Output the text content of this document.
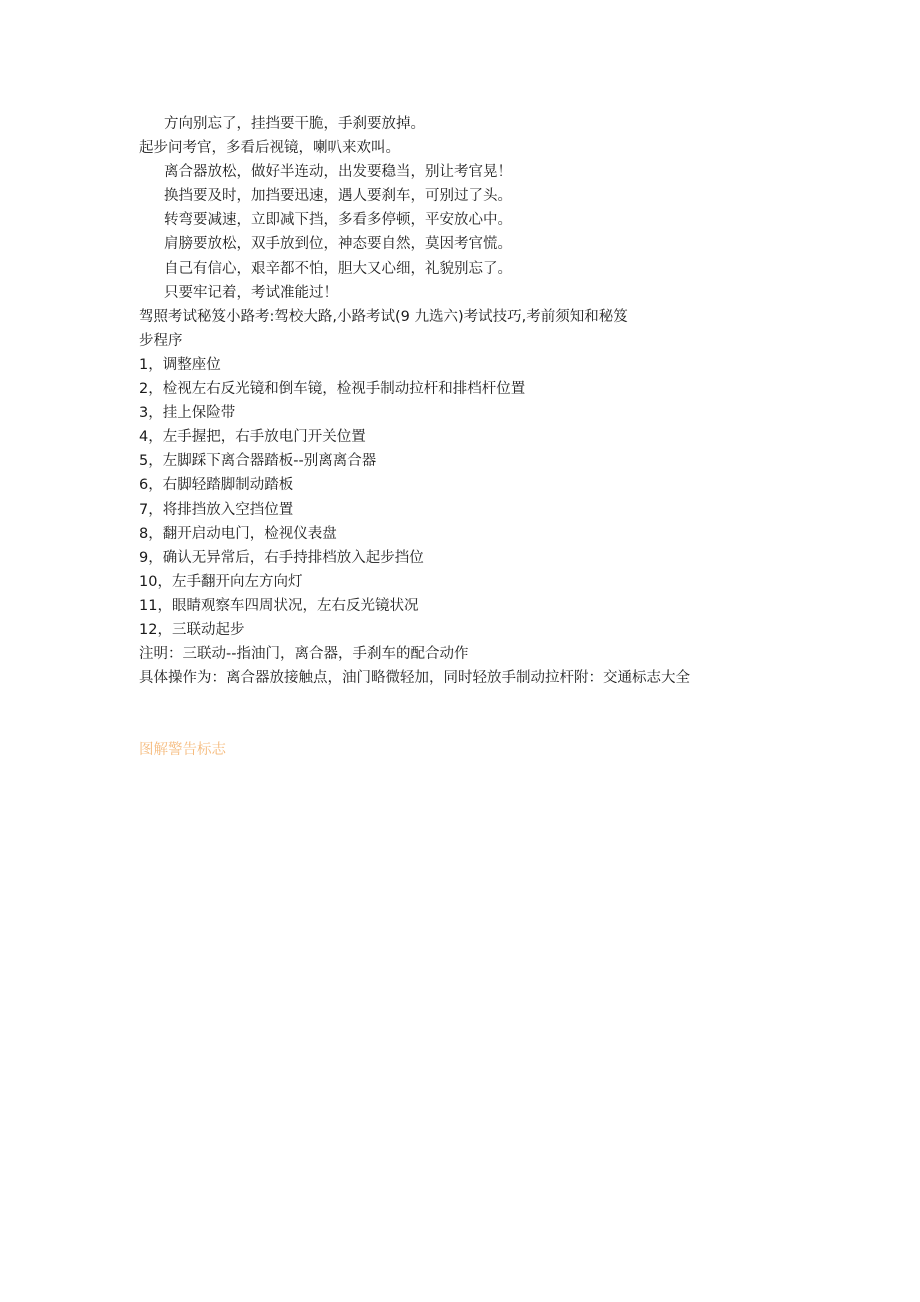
方向别忘了，挂挡要干脆，手刹要放掉。

起步问考官，多看后视镜，喇叭来欢叫。

离合器放松，做好半连动，出发要稳当，别让考官晃！

换挡要及时，加挡要迅速，遇人要刹车，可别过了头。

转弯要减速，立即减下挡，多看多停顿，平安放心中。

肩膀要放松，双手放到位，神态要自然，莫因考官慌。

自己有信心，艰辛都不怕，胆大又心细，礼貌别忘了。

只要牢记着，考试准能过！

驾照考试秘笈小路考:驾校大路,小路考试(9 九选六)考试技巧,考前须知和秘笈

步程序

1，调整座位

2，检视左右反光镜和倒车镜，检视手制动拉杆和排档杆位置

3，挂上保险带

4，左手握把，右手放电门开关位置

5，左脚踩下离合器踏板--别离离合器

6，右脚轻踏脚制动踏板

7，将排挡放入空挡位置

8，翻开启动电门，检视仪表盘

9，确认无异常后，右手持排档放入起步挡位

10，左手翻开向左方向灯

11，眼睛观察车四周状况，左右反光镜状况

12，三联动起步

注明：三联动--指油门，离合器，手刹车的配合动作

具体操作为：离合器放接触点，油门略微轻加，同时轻放手制动拉杆附：交通标志大全

图解警告标志
